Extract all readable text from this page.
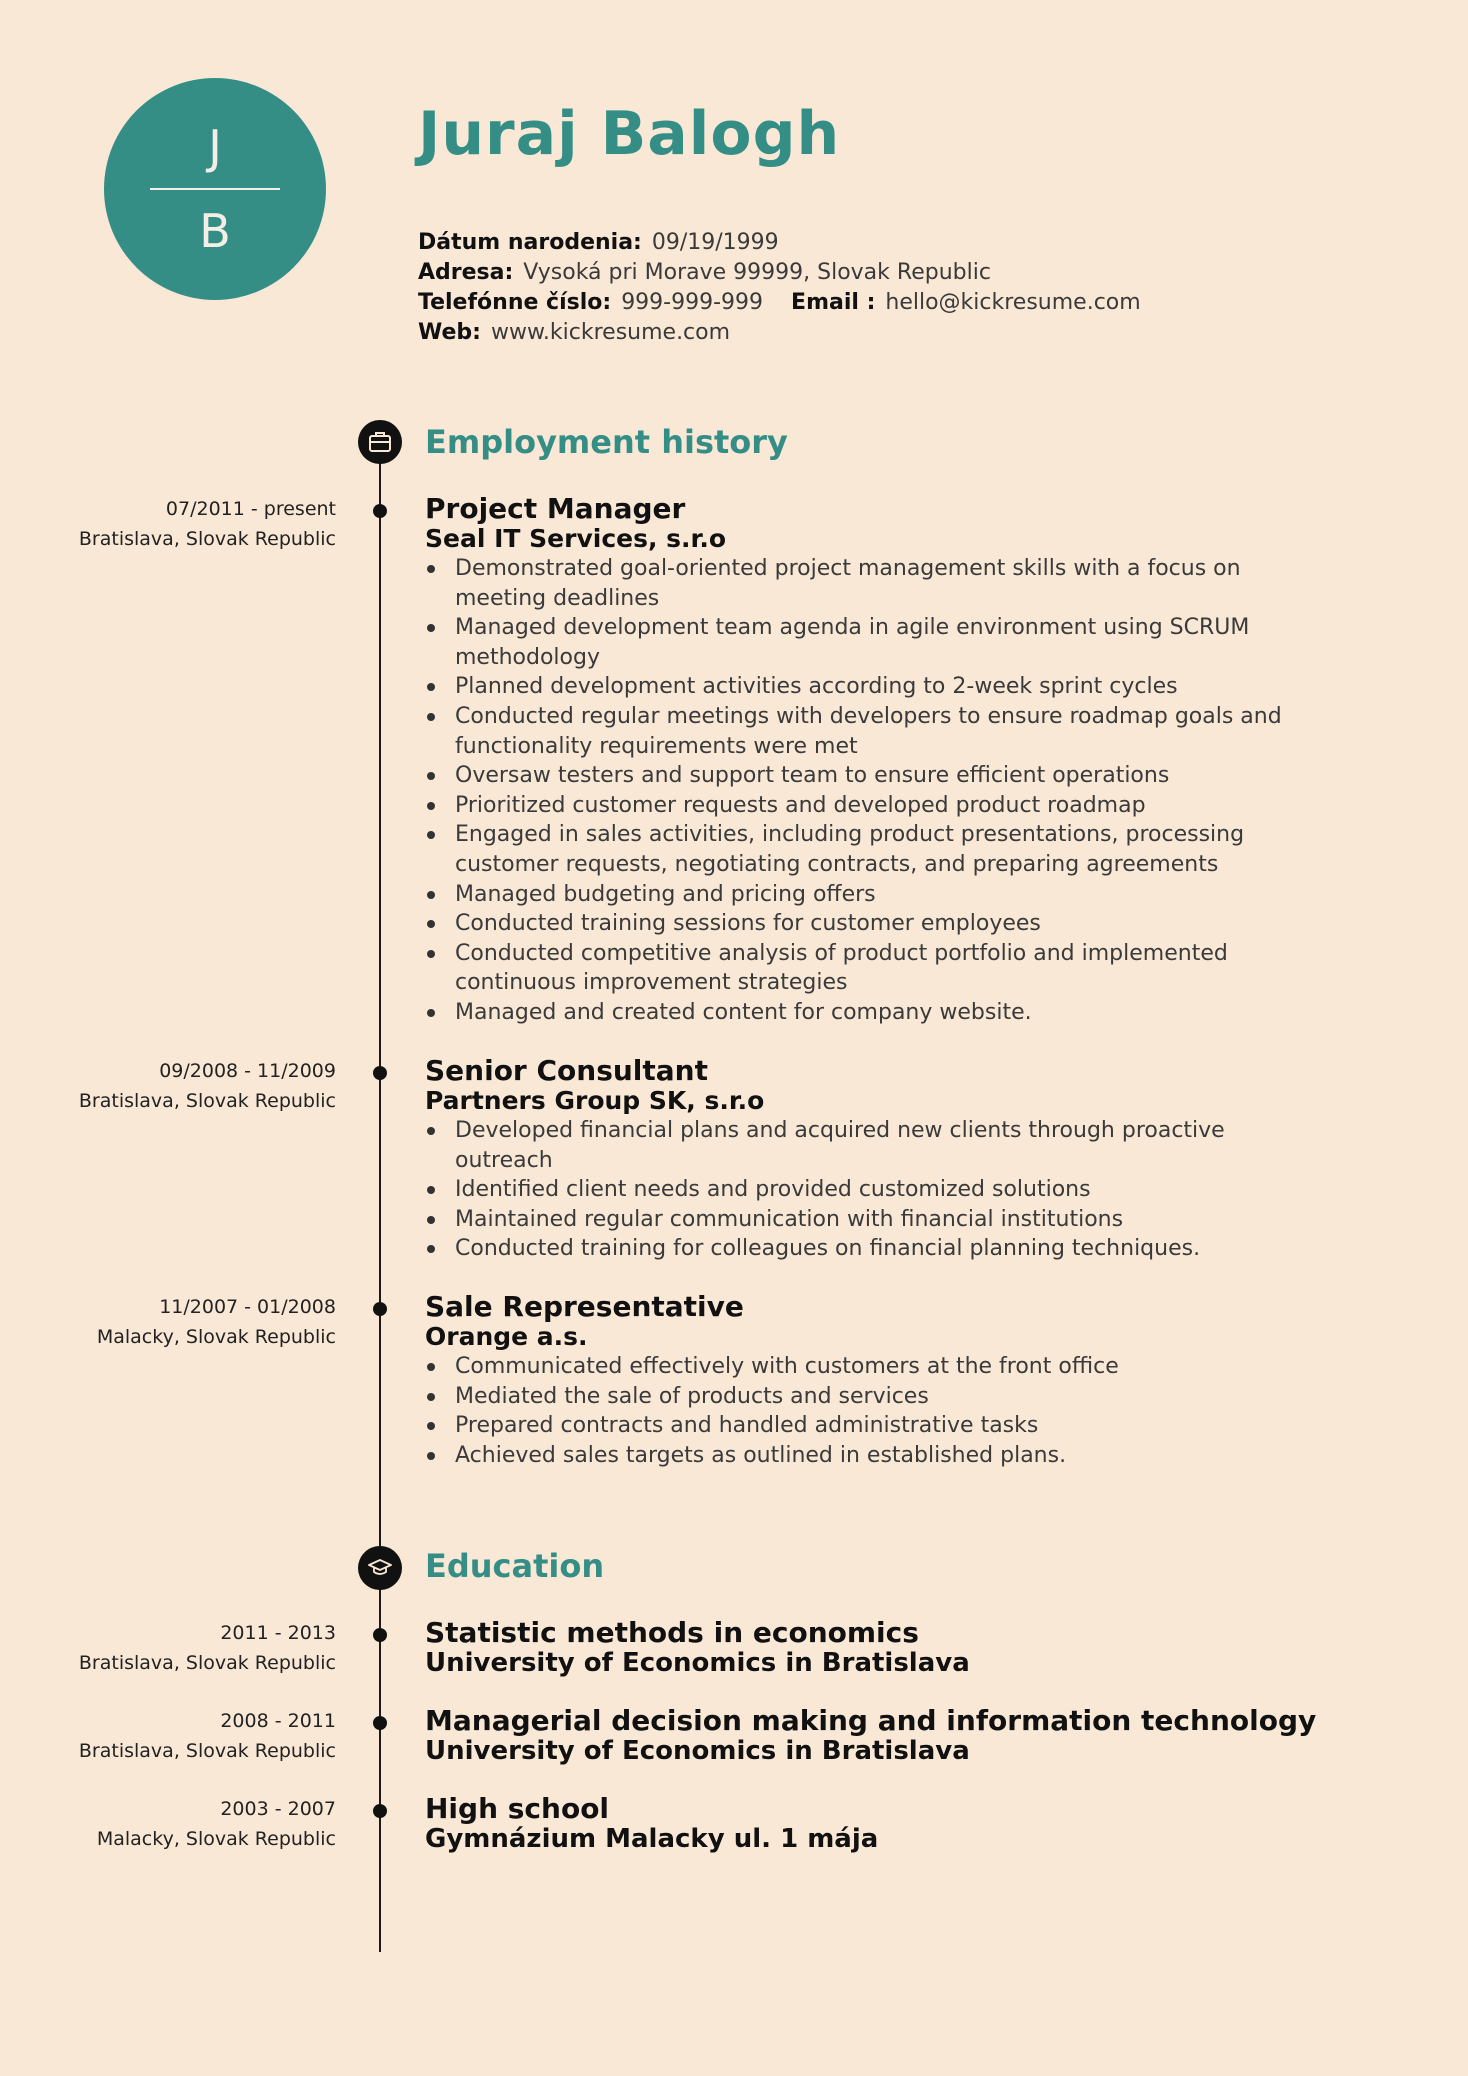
J
B
Juraj Balogh
Dátum narodenia: 09/19/1999
Adresa: Vysoká pri Morave 99999, Slovak Republic
Telefónne číslo: 999-999-999 Email : hello@kickresume.com
Web: www.kickresume.com
Employment history
07/2011 - present
Bratislava, Slovak Republic
Project Manager
Seal IT Services, s.r.o
Demonstrated goal-oriented project management skills with a focus on meeting deadlines
Managed development team agenda in agile environment using SCRUM methodology
Planned development activities according to 2-week sprint cycles
Conducted regular meetings with developers to ensure roadmap goals and functionality requirements were met
Oversaw testers and support team to ensure efficient operations
Prioritized customer requests and developed product roadmap
Engaged in sales activities, including product presentations, processing customer requests, negotiating contracts, and preparing agreements
Managed budgeting and pricing offers
Conducted training sessions for customer employees
Conducted competitive analysis of product portfolio and implemented continuous improvement strategies
Managed and created content for company website.
09/2008 - 11/2009
Bratislava, Slovak Republic
Senior Consultant
Partners Group SK, s.r.o
Developed financial plans and acquired new clients through proactive outreach
Identified client needs and provided customized solutions
Maintained regular communication with financial institutions
Conducted training for colleagues on financial planning techniques.
11/2007 - 01/2008
Malacky, Slovak Republic
Sale Representative
Orange a.s.
Communicated effectively with customers at the front office
Mediated the sale of products and services
Prepared contracts and handled administrative tasks
Achieved sales targets as outlined in established plans.
Education
2011 - 2013
Bratislava, Slovak Republic
Statistic methods in economics
University of Economics in Bratislava
2008 - 2011
Bratislava, Slovak Republic
Managerial decision making and information technology
University of Economics in Bratislava
2003 - 2007
Malacky, Slovak Republic
High school
Gymnázium Malacky ul. 1 mája
